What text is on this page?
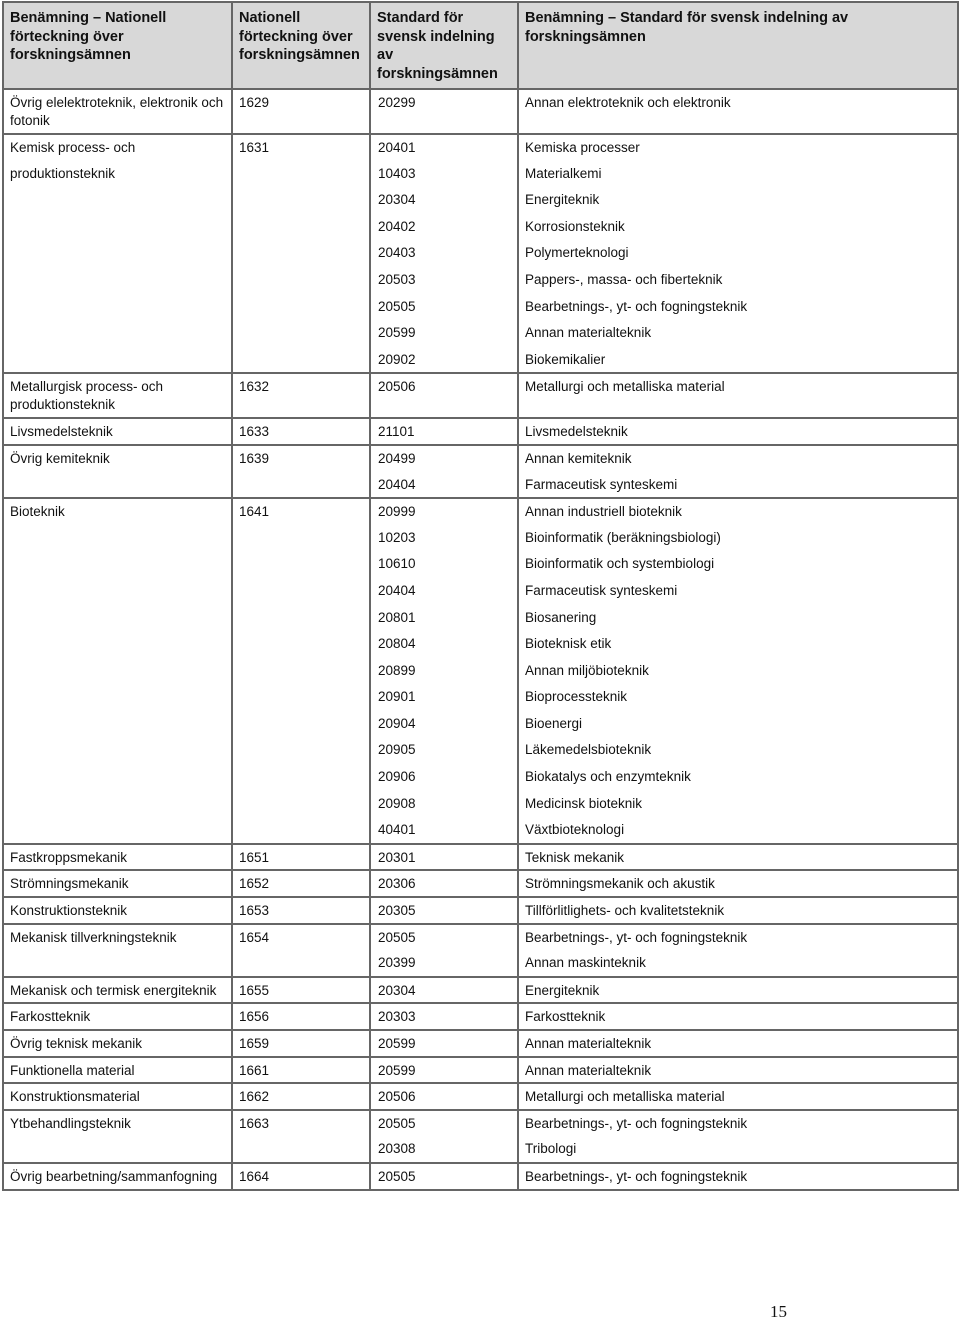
Benämning – Nationell förteckning över forskningsämnen	Nationell förteckning över forskningsämnen	Standard för svensk indelning av forskningsämnen	Benämning – Standard för svensk indelning av forskningsämnen
Övrig elelektroteknik, elektronik och fotonik	1629	20299	Annan elektroteknik och elektronik
Kemisk process- och	1631	20401	Kemiska processer
produktionsteknik		10403	Materialkemi
		20304	Energiteknik
		20402	Korrosionsteknik
		20403	Polymerteknologi
		20503	Pappers-, massa- och fiberteknik
		20505	Bearbetnings-, yt- och fogningsteknik
		20599	Annan materialteknik
		20902	Biokemikalier
Metallurgisk process- och produktionsteknik	1632	20506	Metallurgi och metalliska material
Livsmedelsteknik	1633	21101	Livsmedelsteknik
Övrig kemiteknik	1639	20499	Annan kemiteknik
		20404	Farmaceutisk synteskemi
Bioteknik	1641	20999	Annan industriell bioteknik
		10203	Bioinformatik (beräkningsbiologi)
		10610	Bioinformatik och systembiologi
		20404	Farmaceutisk synteskemi
		20801	Biosanering
		20804	Bioteknisk etik
		20899	Annan miljöbioteknik
		20901	Bioprocessteknik
		20904	Bioenergi
		20905	Läkemedelsbioteknik
		20906	Biokatalys och enzymteknik
		20908	Medicinsk bioteknik
		40401	Växtbioteknologi
Fastkroppsmekanik	1651	20301	Teknisk mekanik
Strömningsmekanik	1652	20306	Strömningsmekanik och akustik
Konstruktionsteknik	1653	20305	Tillförlitlighets- och kvalitetsteknik
Mekanisk tillverkningsteknik	1654	20505	Bearbetnings-, yt- och fogningsteknik
		20399	Annan maskinteknik
Mekanisk och termisk energiteknik	1655	20304	Energiteknik
Farkostteknik	1656	20303	Farkostteknik
Övrig teknisk mekanik	1659	20599	Annan materialteknik
Funktionella material	1661	20599	Annan materialteknik
Konstruktionsmaterial	1662	20506	Metallurgi och metalliska material
Ytbehandlingsteknik	1663	20505	Bearbetnings-, yt- och fogningsteknik
		20308	Tribologi
Övrig bearbetning/sammanfogning	1664	20505	Bearbetnings-, yt- och fogningsteknik
15
